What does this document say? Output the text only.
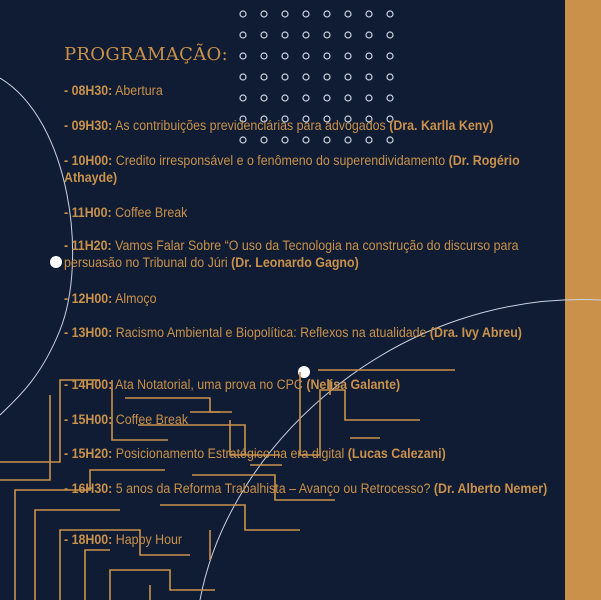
PROGRAMAÇÃO:
- 08H30: Abertura
- 09H30: As contribuições previdenciárias para advogados (Dra. Karlla Keny)
- 10H00: Credito irresponsável e o fenômeno do superendividamento (Dr. Rogério Athayde)
- 11H00: Coffee Break
- 11H20: Vamos Falar Sobre “O uso da Tecnologia na construção do discurso para persuasão no Tribunal do Júri (Dr. Leonardo Gagno)
- 12H00: Almoço
- 13H00: Racismo Ambiental e Biopolítica: Reflexos na atualidade (Dra. Ivy Abreu)
- 14H00: Ata Notatorial, uma prova no CPC (Nelisa Galante)
- 15H00: Coffee Break
- 15H20: Posicionamento Estratégico na era digital (Lucas Calezani)
- 16H30: 5 anos da Reforma Trabalhista – Avanço ou Retrocesso? (Dr. Alberto Nemer)
- 18H00: Happy Hour
